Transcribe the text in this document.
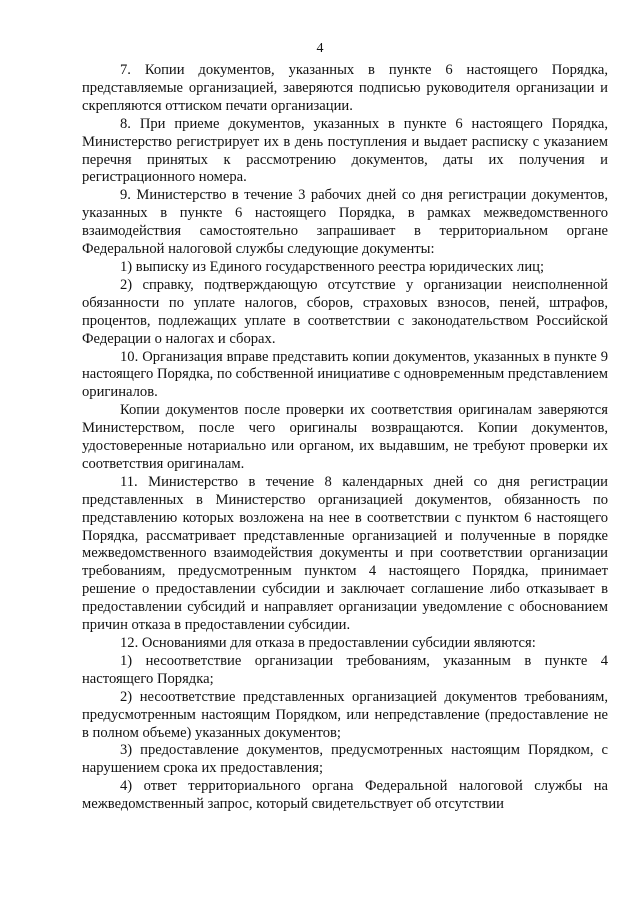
4

7. Копии документов, указанных в пункте 6 настоящего Порядка, представляемые организацией, заверяются подписью руководителя организации и скрепляются оттиском печати организации.

8. При приеме документов, указанных в пункте 6 настоящего Порядка, Министерство регистрирует их в день поступления и выдает расписку с указанием перечня принятых к рассмотрению документов, даты их получения и регистрационного номера.

9. Министерство в течение 3 рабочих дней со дня регистрации документов, указанных в пункте 6 настоящего Порядка, в рамках межведомственного взаимодействия самостоятельно запрашивает в территориальном органе Федеральной налоговой службы следующие документы:

1) выписку из Единого государственного реестра юридических лиц;

2) справку, подтверждающую отсутствие у организации неисполненной обязанности по уплате налогов, сборов, страховых взносов, пеней, штрафов, процентов, подлежащих уплате в соответствии с законодательством Российской Федерации о налогах и сборах.

10. Организация вправе представить копии документов, указанных в пункте 9 настоящего Порядка, по собственной инициативе с одновременным представлением оригиналов.

Копии документов после проверки их соответствия оригиналам заверяются Министерством, после чего оригиналы возвращаются. Копии документов, удостоверенные нотариально или органом, их выдавшим, не требуют проверки их соответствия оригиналам.

11. Министерство в течение 8 календарных дней со дня регистрации представленных в Министерство организацией документов, обязанность по представлению которых возложена на нее в соответствии с пунктом 6 настоящего Порядка, рассматривает представленные организацией и полученные в порядке межведомственного взаимодействия документы и при соответствии организации требованиям, предусмотренным пунктом 4 настоящего Порядка, принимает решение о предоставлении субсидии и заключает соглашение либо отказывает в предоставлении субсидий и направляет организации уведомление с обоснованием причин отказа в предоставлении субсидии.

12. Основаниями для отказа в предоставлении субсидии являются:

1) несоответствие организации требованиям, указанным в пункте 4 настоящего Порядка;

2) несоответствие представленных организацией документов требованиям, предусмотренным настоящим Порядком, или непредставление (предоставление не в полном объеме) указанных документов;

3) предоставление документов, предусмотренных настоящим Порядком, с нарушением срока их предоставления;

4) ответ территориального органа Федеральной налоговой службы на межведомственный запрос, который свидетельствует об отсутствии
